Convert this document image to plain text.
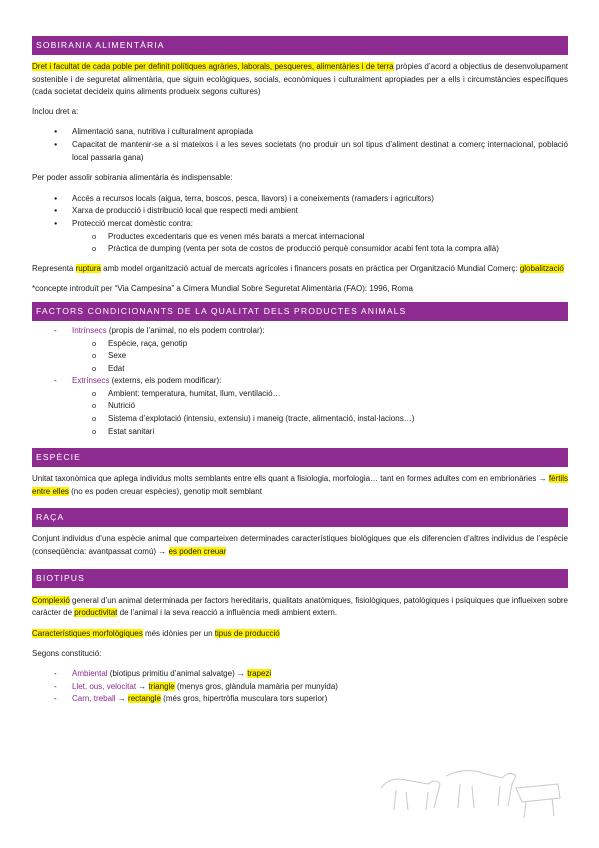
SOBIRANIA ALIMENTÀRIA

Dret i facultat de cada poble per definit polítiques agràries, laborals, pesqueres, alimentàries i de terra pròpies d’acord a objectius de desenvolupament sostenible i de seguretat alimentària, que siguin ecològiques, socials, econòmiques i culturalment apropiades per a ells i circumstàncies específiques (cada societat decideix quins aliments produeix segons cultures)

Inclou dret a:

● Alimentació sana, nutritiva i culturalment apropiada
● Capacitat de mantenir-se a si mateixos i a les seves societats (no produir un sol tipus d’aliment destinat a comerç internacional, població local passaria gana)

Per poder assolir sobirania alimentària és indispensable:

● Accés a recursos locals (aigua, terra, boscos, pesca, llavors) i a coneixements (ramaders i agricultors)
● Xarxa de producció i distribució local que respecti medi ambient
● Protecció mercat domèstic contra:
o Productes excedentaris que es venen més barats a mercat internacional
o Pràctica de dumping (venta per sota de costos de producció perquè consumidor acabi fent tota la compra allà)

Representa ruptura amb model organització actual de mercats agrícoles i financers posats en pràctica per Organització Mundial Comerç: globalització

*concepte introduït per “Via Campesina” a Cimera Mundial Sobre Seguretat Alimentària (FAO): 1996, Roma

FACTORS CONDICIONANTS DE LA QUALITAT DELS PRODUCTES ANIMALS
- Intrínsecs (propis de l’animal, no els podem controlar):
o Espècie, raça, genotip
o Sexe
o Edat
- Extrínsecs (externs, els podem modificar):
o Ambient: temperatura, humitat, llum, ventilació…
o Nutrició
o Sistema d’explotació (intensiu, extensiu) i maneig (tracte, alimentació, instal·lacions…)
o Estat sanitari
ESPÈCIE

Unitat taxonòmica que aplega individus molts semblants entre ells quant a fisiologia, morfologia… tant en formes adultes com en embrionàries → fèrtils entre elles (no es poden creuar espècies), genotip molt semblant

RAÇA

Conjunt individus d’una espècie animal que comparteixen determinades característiques biològiques que els diferencien d’altres individus de l’espècie (conseqüència: avantpassat comú) → es poden creuar

BIOTIPUS

Complexió general d’un animal determinada per factors hereditaris, qualitats anatòmiques, fisiològiques, patològiques i psíquiques que influeixen sobre caràcter de productivitat de l’animal i la seva reacció a influència medi ambient extern.

Característiques morfològiques més idònies per un tipus de producció

Segons constitució:

- Ambiental (biotipus primitiu d’animal salvatge) → trapezi
- Llet, ous, velocitat → triangle (menys gros, glàndula mamària per munyida)
- Carn, treball → rectangle (més gros, hipertròfia musculara tors superior)
